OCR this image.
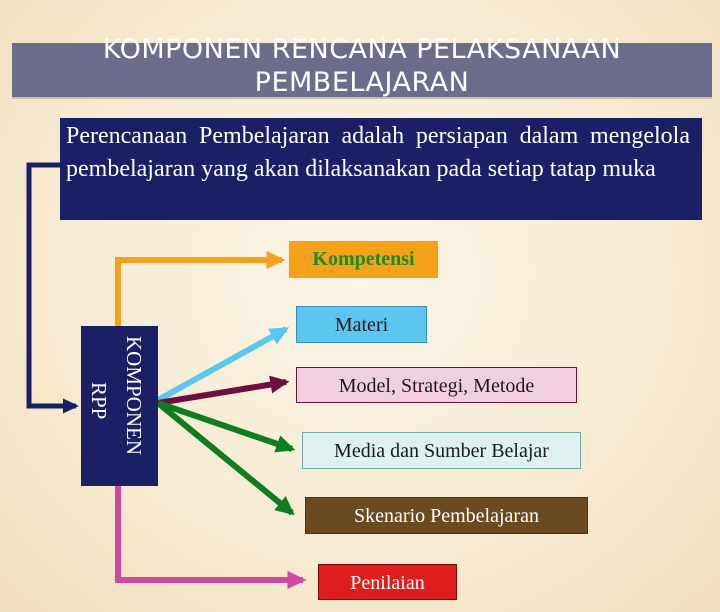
KOMPONEN RENCANA PELAKSANAAN
PEMBELAJARAN
Perencanaan Pembelajaran adalah persiapan dalam mengelola pembelajaran yang akan dilaksanakan pada setiap tatap muka
KOMPONEN
RPP
Kompetensi
Materi
Model, Strategi, Metode
Media dan Sumber Belajar
Skenario Pembelajaran
Penilaian
